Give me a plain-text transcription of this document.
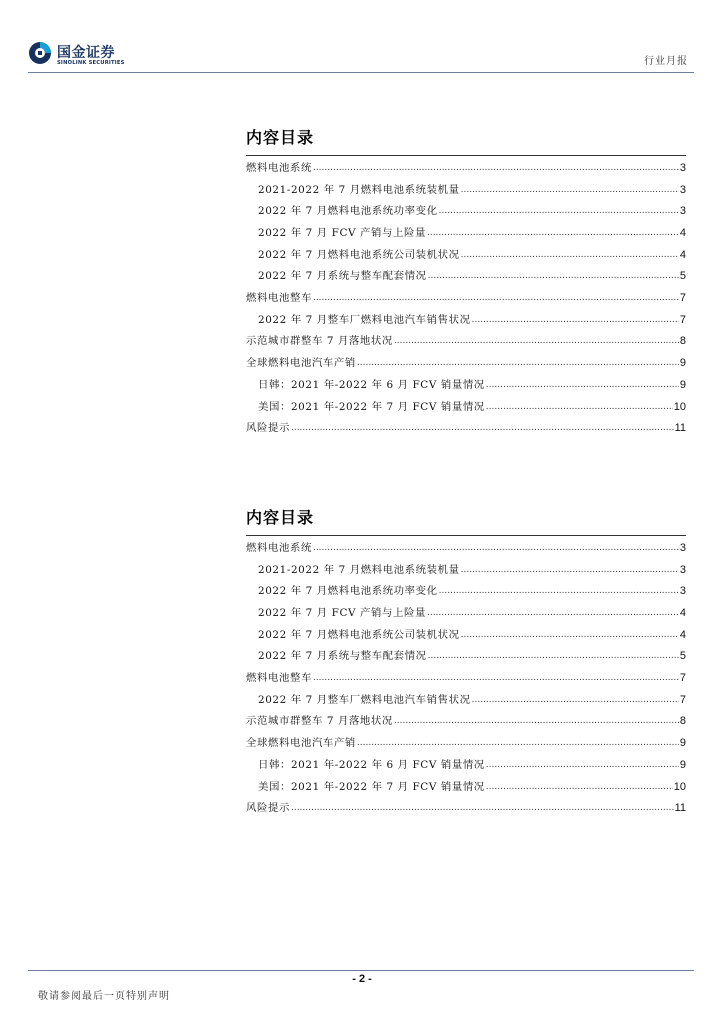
国金证券
SINOLINK SECURITIES	行业月报
内容目录
燃料电池系统 .....	3
2021-2022 年 7 月燃料电池系统装机量 .....	3
2022 年 7 月燃料电池系统功率变化 .....	3
2022 年 7 月 FCV 产销与上险量 .....	4
2022 年 7 月燃料电池系统公司装机状况 .....	4
2022 年 7 月系统与整车配套情况 .....	5
燃料电池整车 .....	7
2022 年 7 月整车厂燃料电池汽车销售状况 .....	7
示范城市群整车 7 月落地状况 .....	8
全球燃料电池汽车产销 .....	9
日韩：2021 年-2022 年 6 月 FCV 销量情况 .....	9
美国：2021 年-2022 年 7 月 FCV 销量情况 .....	10
风险提示 .....	11
内容目录
燃料电池系统 .....	3
2021-2022 年 7 月燃料电池系统装机量 .....	3
2022 年 7 月燃料电池系统功率变化 .....	3
2022 年 7 月 FCV 产销与上险量 .....	4
2022 年 7 月燃料电池系统公司装机状况 .....	4
2022 年 7 月系统与整车配套情况 .....	5
燃料电池整车 .....	7
2022 年 7 月整车厂燃料电池汽车销售状况 .....	7
示范城市群整车 7 月落地状况 .....	8
全球燃料电池汽车产销 .....	9
日韩：2021 年-2022 年 6 月 FCV 销量情况 .....	9
美国：2021 年-2022 年 7 月 FCV 销量情况 .....	10
风险提示 .....	11
- 2 -
敬请参阅最后一页特别声明
